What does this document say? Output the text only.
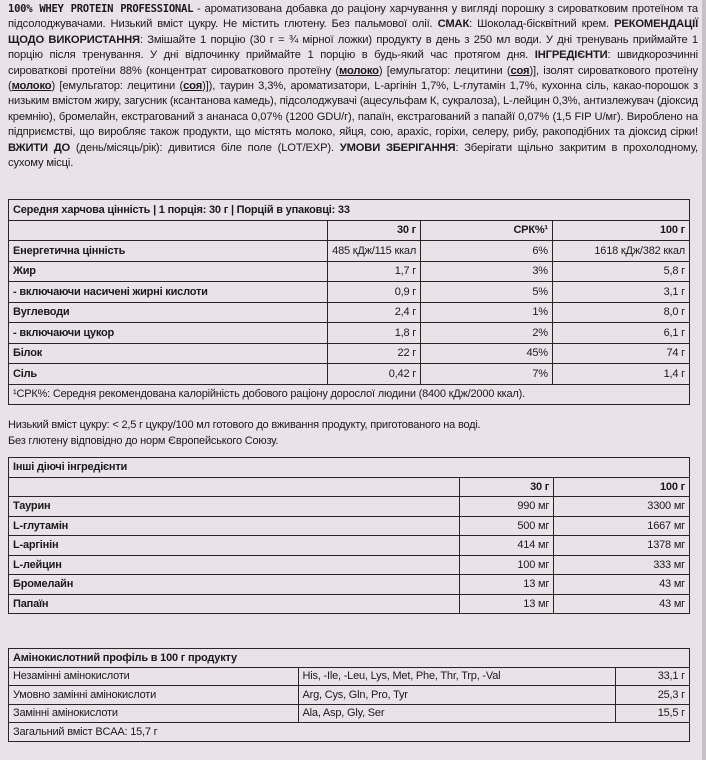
100% WHEY PROTEIN PROFESSIONAL - ароматизована добавка до раціону харчування у вигляді порошку з сироватковим протеїном та підсолоджувачами. Низький вміст цукру. Не містить глютену. Без пальмової олії. СМАК: Шоколад-бісквітний крем. РЕКОМЕНДАЦІЇ ЩОДО ВИКОРИСТАННЯ: Змішайте 1 порцію (30 г = ¾ мірної ложки) продукту в день з 250 мл води. У дні тренувань приймайте 1 порцію після тренування. У дні відпочинку приймайте 1 порцію в будь-який час протягом дня. ІНГРЕДІЄНТИ: швидкорозчинні сироваткові протеїни 88% (концентрат сироваткового протеїну (молоко) [емульгатор: лецитини (соя)], ізолят сироваткового протеїну (молоко) [емульгатор: лецитини (соя)]), таурин 3,3%, ароматизатори, L-аргінін 1,7%, L-глутамін 1,7%, кухонна сіль, какао-порошок з низьким вмістом жиру, загусник (ксантанова камедь), підсолоджувачі (ацесульфам К, сукралоза), L-лейцин 0,3%, антизлежувач (діоксид кремнію), бромелайн, екстрагований з ананаса 0,07% (1200 GDU/г), папаїн, екстрагований з папайї 0,07% (1,5 FIP U/мг). Вироблено на підприємстві, що виробляє також продукти, що містять молоко, яйця, сою, арахіс, горіхи, селеру, рибу, ракоподібних та діоксид сірки! ВЖИТИ ДО (день/місяць/рік): дивитися біле поле (LOT/EXP). УМОВИ ЗБЕРІГАННЯ: Зберігати щільно закритим в прохолодному, сухому місці.
Середня харчова цінність | 1 порція: 30 г | Порцій в упаковці: 33			
	30 г	СРК%¹	100 г
Енергетична цінність	485 кДж/115 ккал	6%	1618 кДж/382 ккал
Жир	1,7 г	3%	5,8 г
- включаючи насичені жирні кислоти	0,9 г	5%	3,1 г
Вуглеводи	2,4 г	1%	8,0 г
- включаючи цукор	1,8 г	2%	6,1 г
Білок	22 г	45%	74 г
Сіль	0,42 г	7%	1,4 г
¹СРК%: Середня рекомендована калорійність добового раціону дорослої людини (8400 кДж/2000 ккал).			
Низький вміст цукру: < 2,5 г цукру/100 мл готового до вживання продукту, приготованого на воді.
Без глютену відповідно до норм Європейського Союзу.
Інші діючі інгредієнти		
	30 г	100 г
Таурин	990 мг	3300 мг
L-глутамін	500 мг	1667 мг
L-аргінін	414 мг	1378 мг
L-лейцин	100 мг	333 мг
Бромелайн	13 мг	43 мг
Папаїн	13 мг	43 мг
Амінокислотний профіль в 100 г продукту		
Незамінні амінокислоти	His, -Ile, -Leu, Lys, Met, Phe, Thr, Trp, -Val	33,1 г
Умовно замінні амінокислоти	Arg, Cys, Gln, Pro, Tyr	25,3 г
Замінні амінокислоти	Ala, Asp, Gly, Ser	15,5 г
Загальний вміст BCAA: 15,7 г		
